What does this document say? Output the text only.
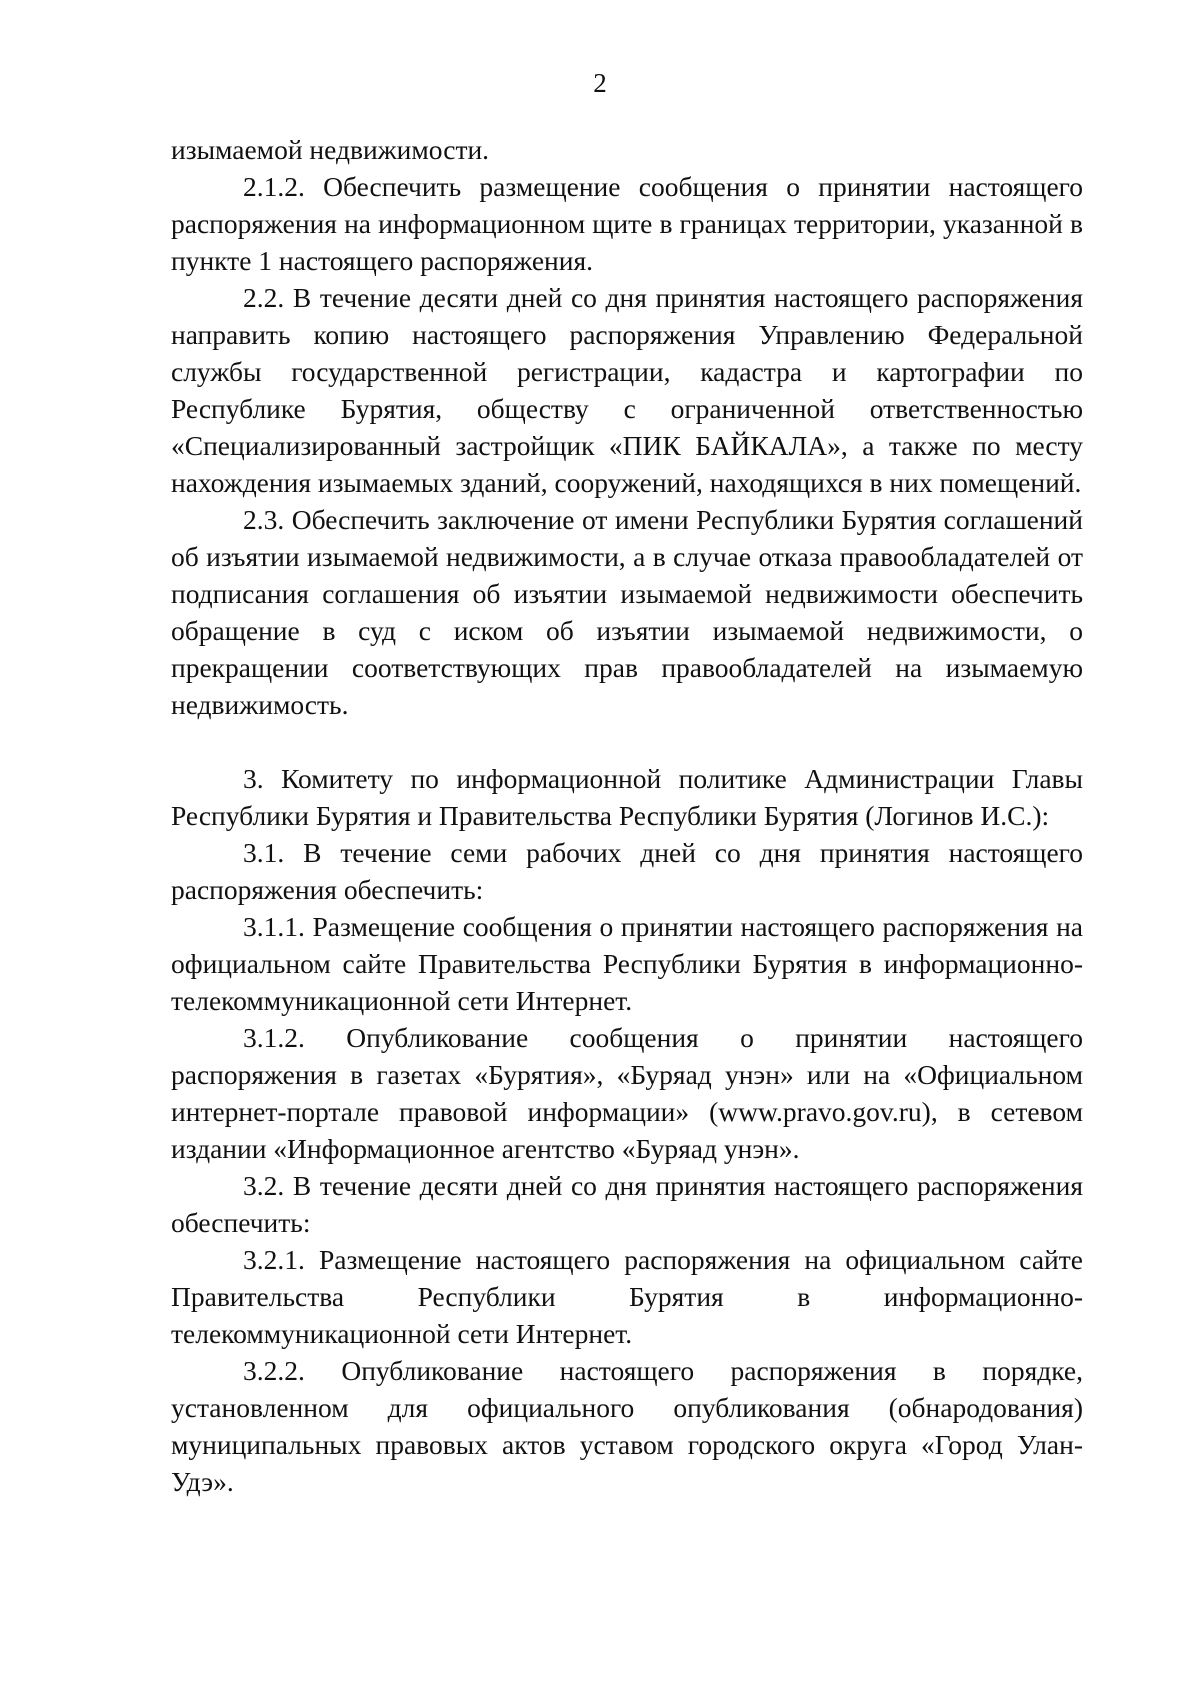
2

изымаемой недвижимости.

2.1.2. Обеспечить размещение сообщения о принятии настоящего распоряжения на информационном щите в границах территории, указанной в пункте 1 настоящего распоряжения.

2.2. В течение десяти дней со дня принятия настоящего распоряжения направить копию настоящего распоряжения Управлению Федеральной службы государственной регистрации, кадастра и картографии по Республике Бурятия, обществу с ограниченной ответственностью «Специализированный застройщик «ПИК БАЙКАЛА», а также по месту нахождения изымаемых зданий, сооружений, находящихся в них помещений.

2.3. Обеспечить заключение от имени Республики Бурятия соглашений об изъятии изымаемой недвижимости, а в случае отказа правообладателей от подписания соглашения об изъятии изымаемой недвижимости обеспечить обращение в суд с иском об изъятии изымаемой недвижимости, о прекращении соответствующих прав правообладателей на изымаемую недвижимость.

3. Комитету по информационной политике Администрации Главы Республики Бурятия и Правительства Республики Бурятия (Логинов И.С.):

3.1. В течение семи рабочих дней со дня принятия настоящего распоряжения обеспечить:

3.1.1. Размещение сообщения о принятии настоящего распоряжения на официальном сайте Правительства Республики Бурятия в информационно-телекоммуникационной сети Интернет.

3.1.2. Опубликование сообщения о принятии настоящего распоряжения в газетах «Бурятия», «Буряад унэн» или на «Официальном интернет-портале правовой информации» (www.pravo.gov.ru), в сетевом издании «Информационное агентство «Буряад унэн».

3.2. В течение десяти дней со дня принятия настоящего распоряжения обеспечить:

3.2.1. Размещение настоящего распоряжения на официальном сайте Правительства Республики Бурятия в информационно-телекоммуникационной сети Интернет.

3.2.2. Опубликование настоящего распоряжения в порядке, установленном для официального опубликования (обнародования) муниципальных правовых актов уставом городского округа «Город Улан-Удэ».
